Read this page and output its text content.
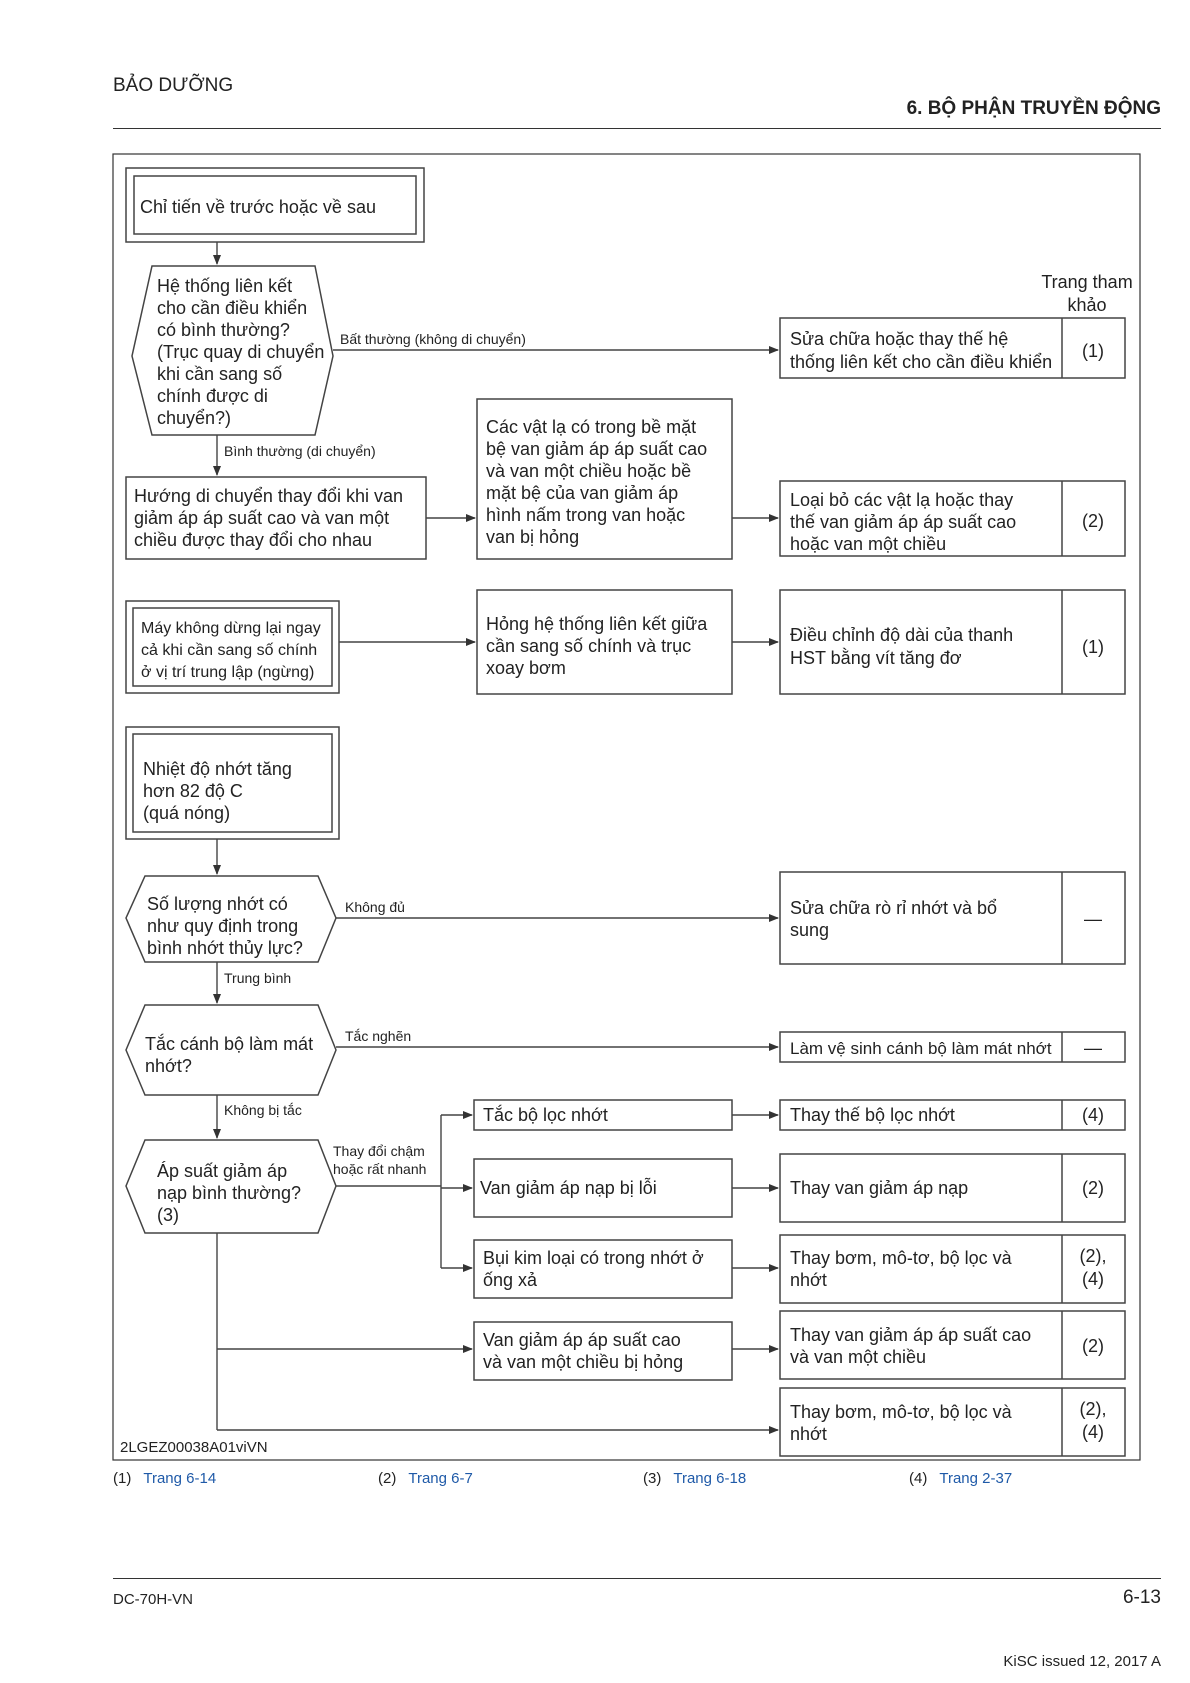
BẢO DƯỠNG
6. BỘ PHẬN TRUYỀN ĐỘNG
Trang tham
khảo
Chỉ tiến về trước hoặc về sau
Hệ thống liên kết
cho cần điều khiển
có bình thường?
(Trục quay di chuyển
khi cần sang số
chính được di
chuyển?)
Bất thường (không di chuyển)	Sửa chữa hoặc thay thế hệ
thống liên kết cho cần điều khiển
(1)
Bình thường (di chuyển)
Hướng di chuyển thay đổi khi van
giảm áp áp suất cao và van một
chiều được thay đổi cho nhau
Các vật lạ có trong bề mặt
bệ van giảm áp áp suất cao
và van một chiều hoặc bề
mặt bệ của van giảm áp
hình nấm trong van hoặc
van bị hỏng
Loại bỏ các vật lạ hoặc thay
thế van giảm áp áp suất cao
hoặc van một chiều
(2)
Máy không dừng lại ngay
cả khi cần sang số chính
ở vị trí trung lập (ngừng)
Hỏng hệ thống liên kết giữa
cần sang số chính và trục
xoay bơm
Điều chỉnh độ dài của thanh
HST bằng vít tăng đơ
(1)
Nhiệt độ nhớt tăng
hơn 82 độ C
(quá nóng)
Số lượng nhớt có
như quy định trong
bình nhớt thủy lực?
Không đủ	Sửa chữa rò rỉ nhớt và bổ
sung
—
Trung bình
Tắc cánh bộ làm mát
nhớt?
Tắc nghẽn
Làm vệ sinh cánh bộ làm mát nhớt —
Không bị tắc
Áp suất giảm áp
nạp bình thường?
(3)
Thay đổi chậm
hoặc rất nhanh
Tắc bộ lọc nhớt	Thay thế bộ lọc nhớt	(4)
Van giảm áp nạp bị lỗi	Thay van giảm áp nạp	(2)
Bụi kim loại có trong nhớt ở
ống xả
Thay bơm, mô-tơ, bộ lọc và
nhớt
(2),
(4)
Van giảm áp áp suất cao
và van một chiều bị hỏng
Thay van giảm áp áp suất cao
và van một chiều
(2)
Thay bơm, mô-tơ, bộ lọc và
nhớt
(2),
(4)
2LGEZ00038A01viVN
(1) Trang 6-14	(2) Trang 6-7	(3) Trang 6-18	(4) Trang 2-37
DC-70H-VN	6-13
KiSC issued 12, 2017 A
